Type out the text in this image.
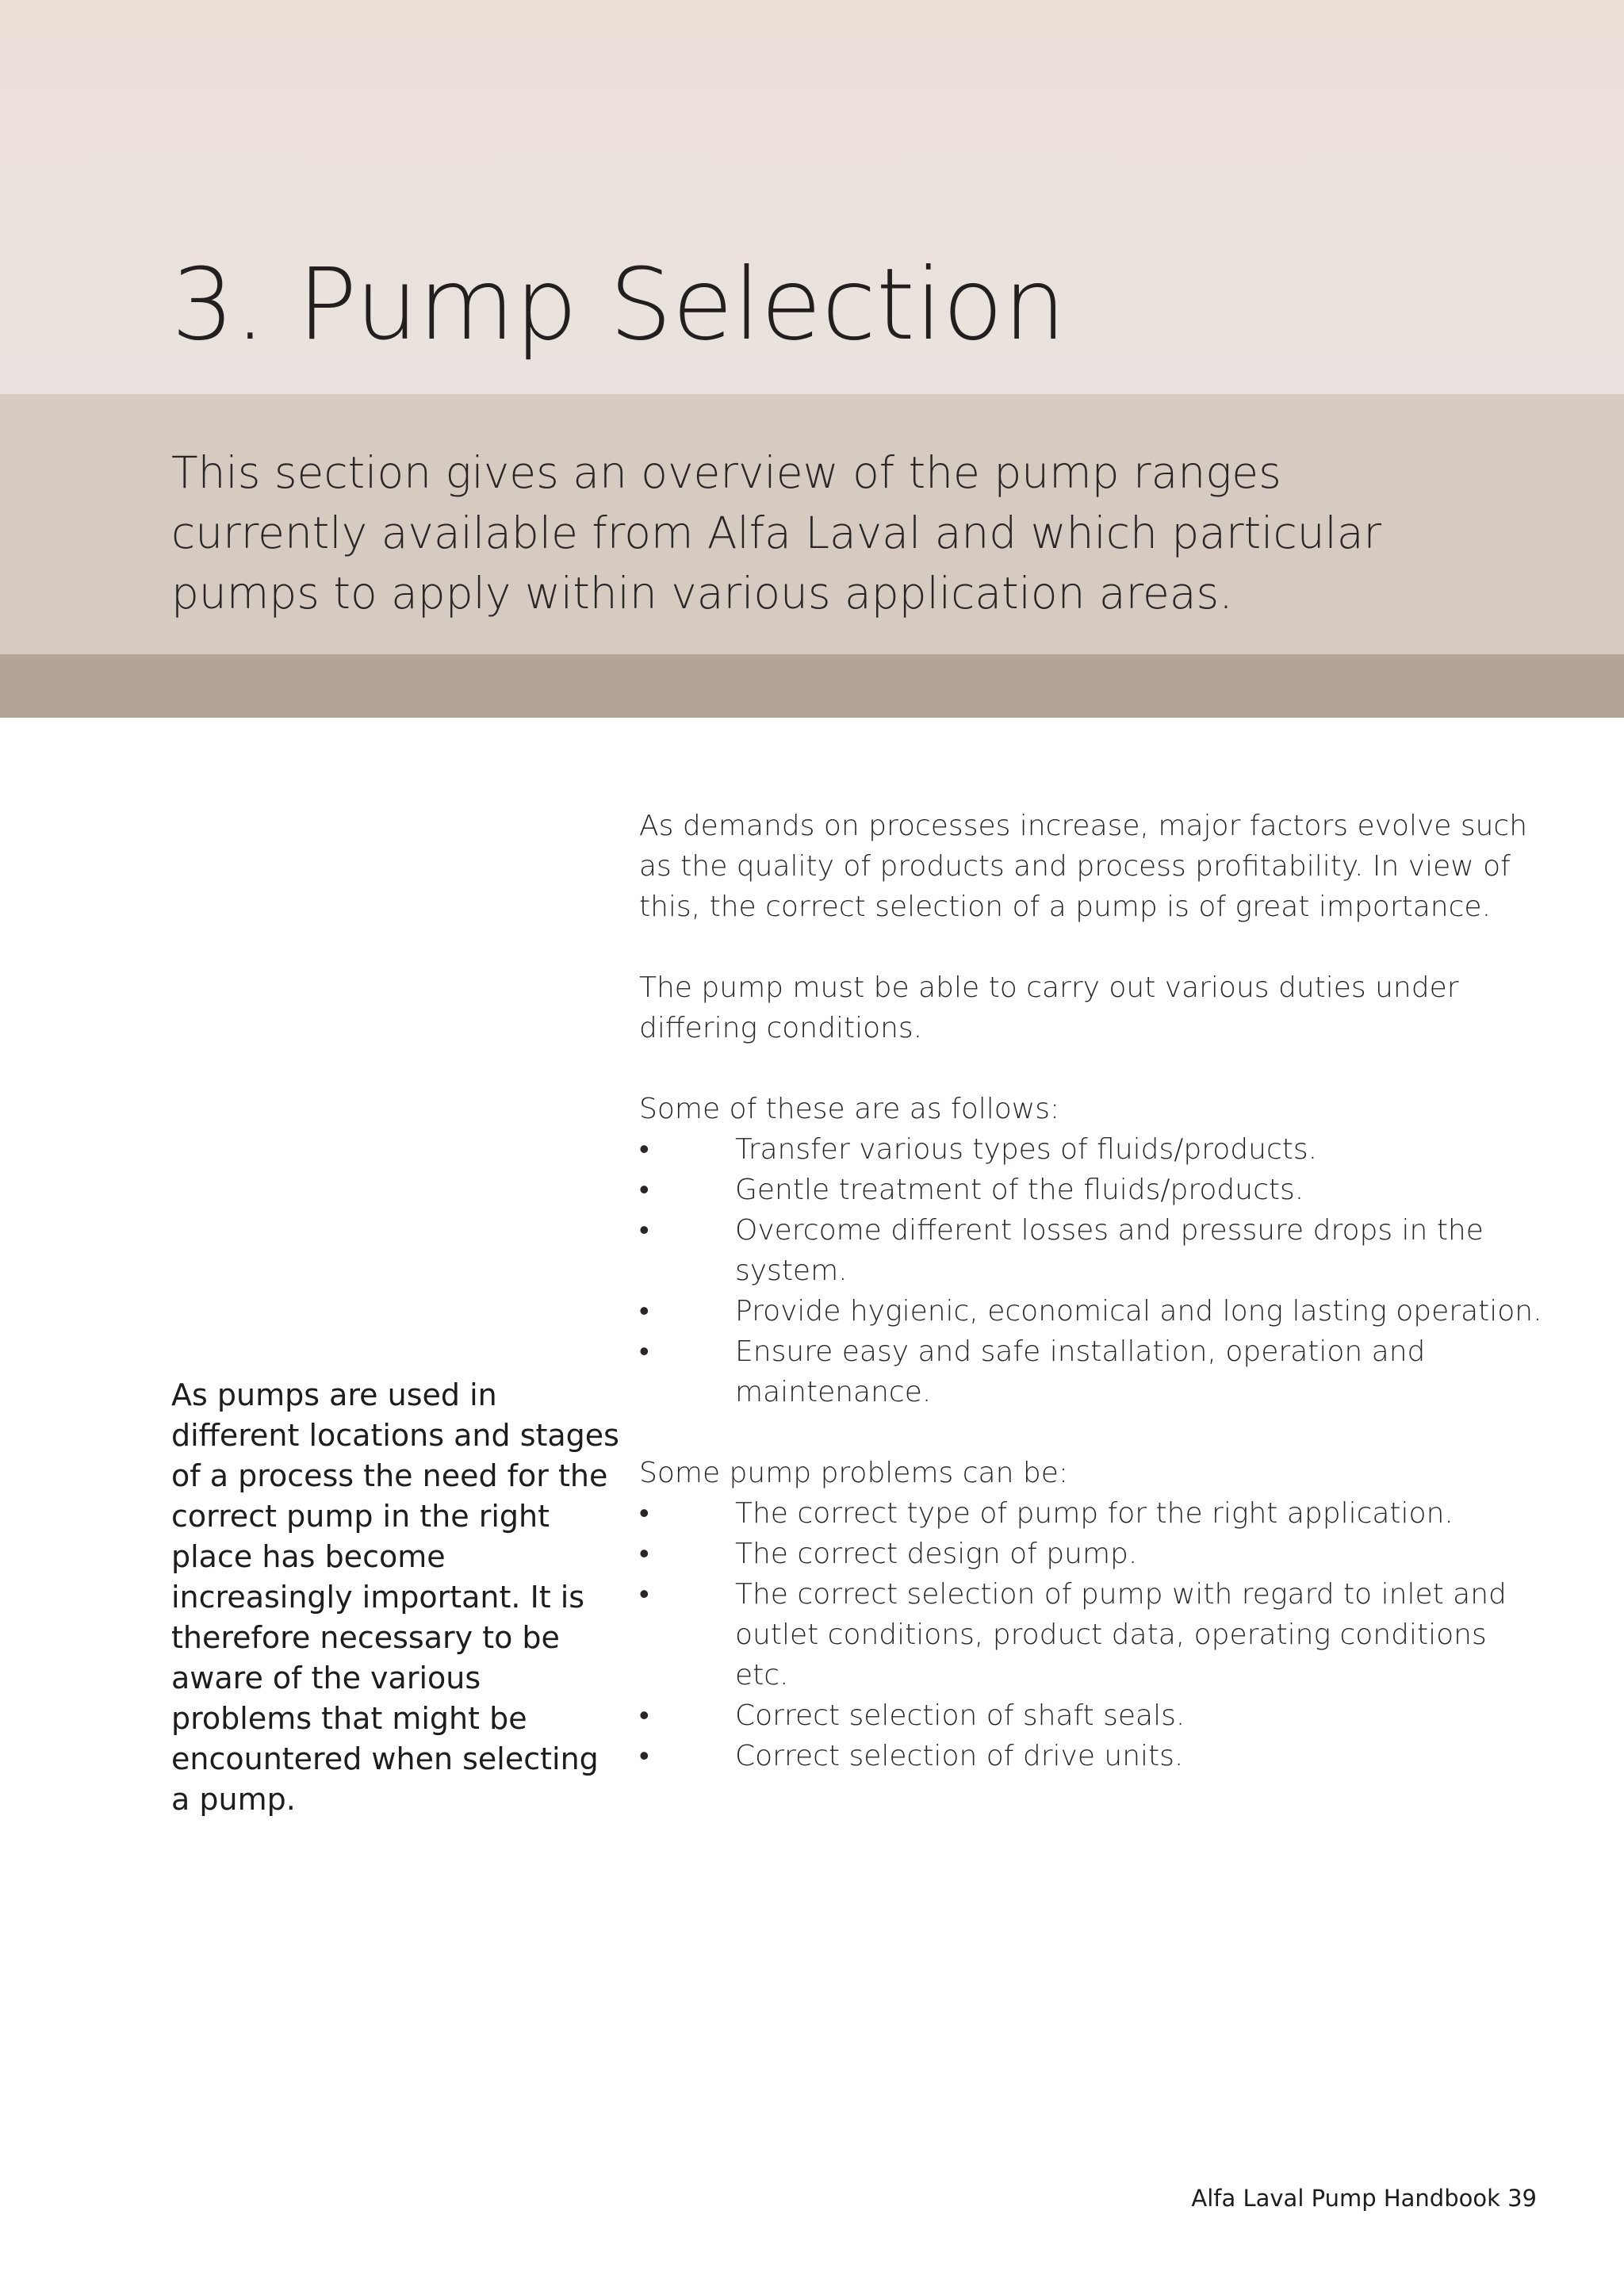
3. Pump Selection

This section gives an overview of the pump ranges currently available from Alfa Laval and which particular pumps to apply within various application areas.

As demands on processes increase, major factors evolve such as the quality of products and process profitability. In view of this, the correct selection of a pump is of great importance.

The pump must be able to carry out various duties under differing conditions.

Some of these are as follows:

•	Transfer various types of fluids/products.
•	Gentle treatment of the fluids/products.
•	Overcome different losses and pressure drops in the system.
•	Provide hygienic, economical and long lasting operation.
•	Ensure easy and safe installation, operation and maintenance.

Some pump problems can be:

•	The correct type of pump for the right application.
•	The correct design of pump.
•	The correct selection of pump with regard to inlet and outlet conditions, product data, operating conditions etc.
•	Correct selection of shaft seals.
•	Correct selection of drive units.

As pumps are used in different locations and stages of a process the need for the correct pump in the right place has become increasingly important. It is therefore necessary to be aware of the various problems that might be encountered when selecting a pump.

Alfa Laval Pump Handbook 39
